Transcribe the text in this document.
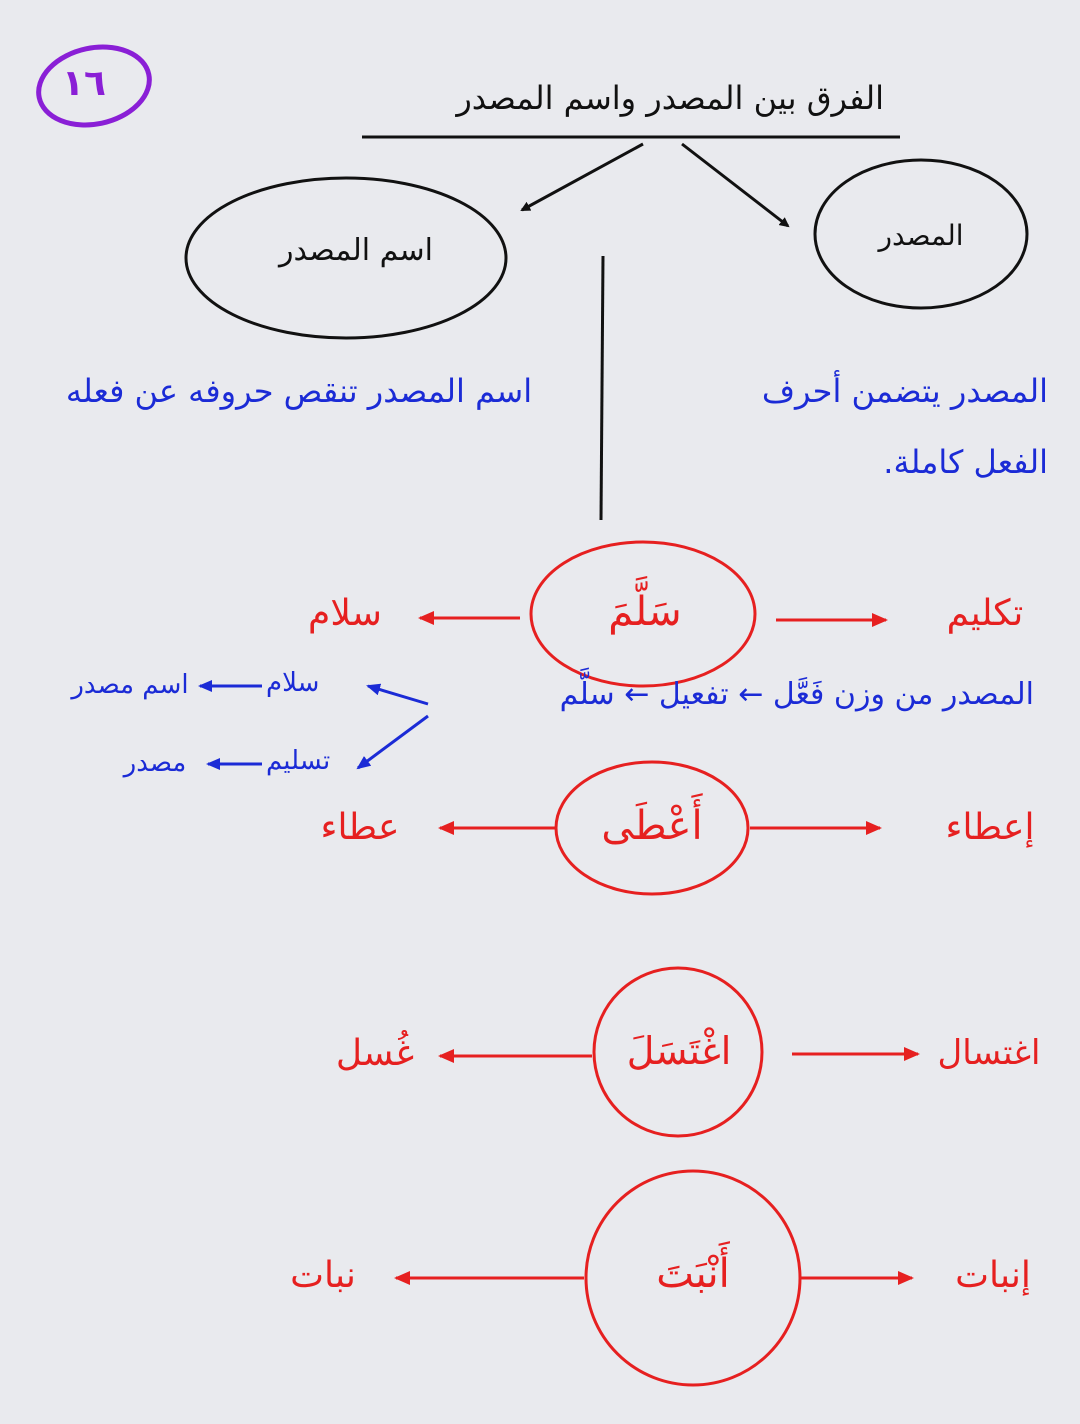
١٦	الفرق بين المصدر واسم المصدر
اسم المصدر	المصدر
اسم المصدر تنقص حروفه عن فعله	المصدر يتضمن أحرف
الفعل كاملة.
سَلَّمَ
سلام	تكليم
المصدر من وزن فَعَّل ← تفعيل ← سلَّم
سلام
اسم مصدر
تسليم
مصدر
أَعْطَى
عطاء	إعطاء
اغْتَسَلَ
غُسل	اغتسال
أَنْبَتَ
نبات	إنبات
